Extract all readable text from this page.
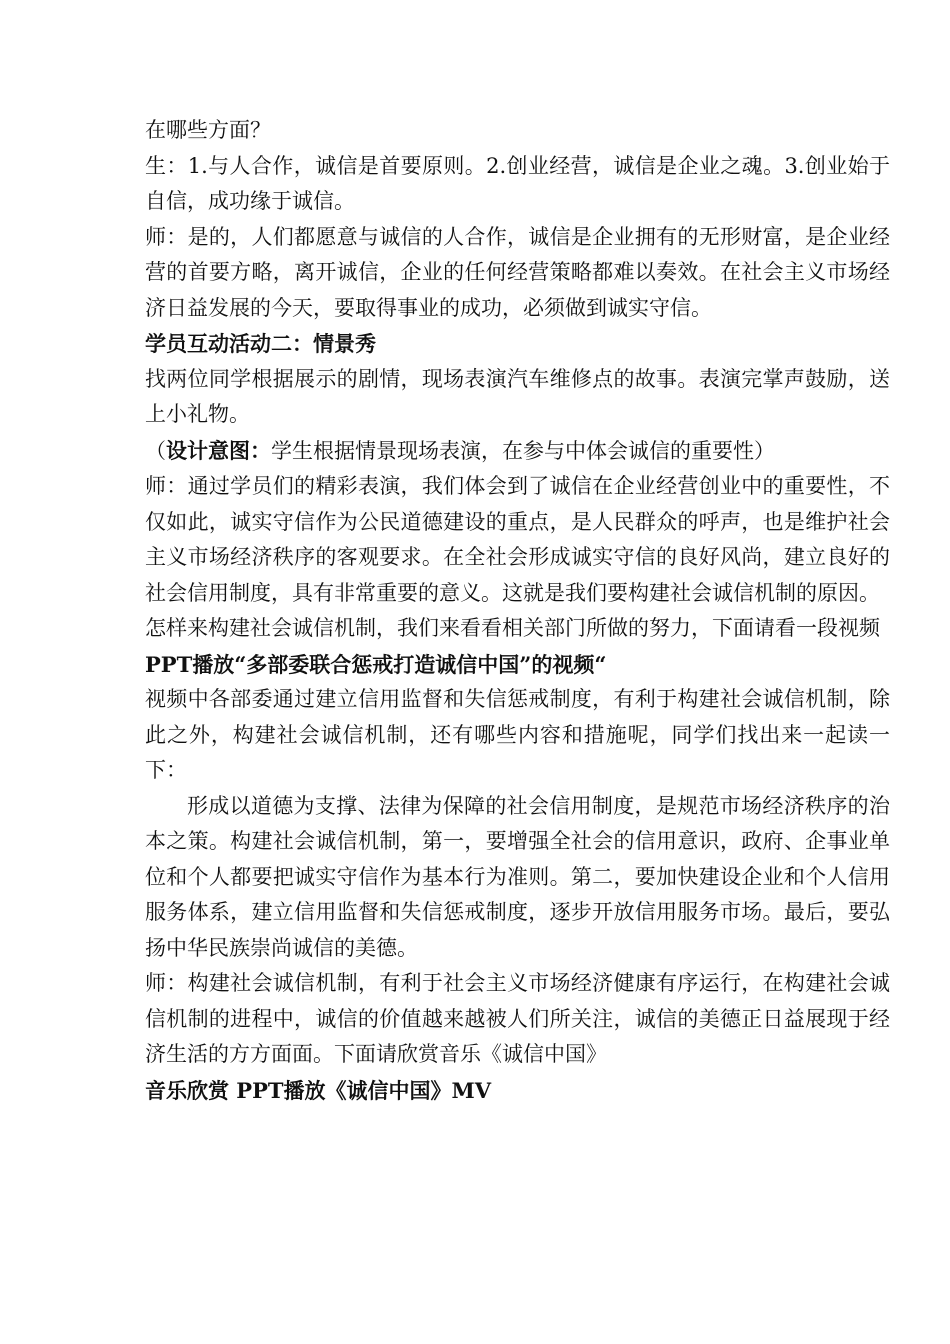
在哪些方面？

生：1.与人合作，诚信是首要原则。2.创业经营，诚信是企业之魂。3.创业始于自信，成功缘于诚信。

师：是的，人们都愿意与诚信的人合作，诚信是企业拥有的无形财富，是企业经营的首要方略，离开诚信，企业的任何经营策略都难以奏效。在社会主义市场经济日益发展的今天，要取得事业的成功，必须做到诚实守信。

学员互动活动二：情景秀

找两位同学根据展示的剧情，现场表演汽车维修点的故事。表演完掌声鼓励，送上小礼物。

（设计意图：学生根据情景现场表演，在参与中体会诚信的重要性）

师：通过学员们的精彩表演，我们体会到了诚信在企业经营创业中的重要性，不仅如此，诚实守信作为公民道德建设的重点，是人民群众的呼声，也是维护社会主义市场经济秩序的客观要求。在全社会形成诚实守信的良好风尚，建立良好的社会信用制度，具有非常重要的意义。这就是我们要构建社会诚信机制的原因。

怎样来构建社会诚信机制，我们来看看相关部门所做的努力，下面请看一段视频

PPT播放“多部委联合惩戒打造诚信中国”的视频“

视频中各部委通过建立信用监督和失信惩戒制度，有利于构建社会诚信机制，除此之外，构建社会诚信机制，还有哪些内容和措施呢，同学们找出来一起读一下：

形成以道德为支撑、法律为保障的社会信用制度，是规范市场经济秩序的治本之策。构建社会诚信机制，第一，要增强全社会的信用意识，政府、企事业单位和个人都要把诚实守信作为基本行为准则。第二，要加快建设企业和个人信用服务体系，建立信用监督和失信惩戒制度，逐步开放信用服务市场。最后，要弘扬中华民族崇尚诚信的美德。

师：构建社会诚信机制，有利于社会主义市场经济健康有序运行，在构建社会诚信机制的进程中，诚信的价值越来越被人们所关注，诚信的美德正日益展现于经济生活的方方面面。下面请欣赏音乐《诚信中国》

音乐欣赏 PPT播放《诚信中国》MV
